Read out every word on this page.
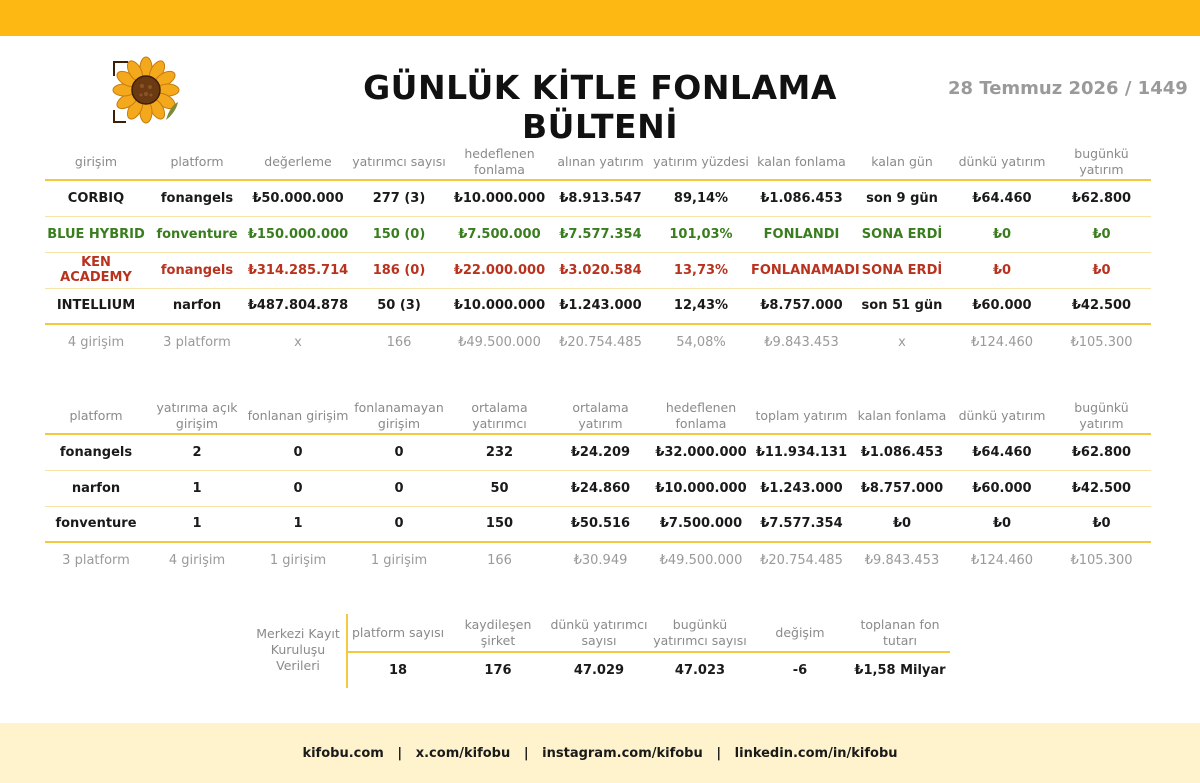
GÜNLÜK KİTLE FONLAMA BÜLTENİ
28 Temmuz 2026 / 1449
girişim	platform	değerleme	yatırımcı sayısı	hedeflenen fonlama	alınan yatırım	yatırım yüzdesi	kalan fonlama	kalan gün	dünkü yatırım	bugünkü yatırım
CORBIQ	fonangels	₺50.000.000	277 (3)	₺10.000.000	₺8.913.547	89,14%	₺1.086.453	son 9 gün	₺64.460	₺62.800
BLUE HYBRID	fonventure	₺150.000.000	150 (0)	₺7.500.000	₺7.577.354	101,03%	FONLANDI	SONA ERDİ	₺0	₺0
KEN ACADEMY	fonangels	₺314.285.714	186 (0)	₺22.000.000	₺3.020.584	13,73%	FONLANAMADI	SONA ERDİ	₺0	₺0
INTELLIUM	narfon	₺487.804.878	50 (3)	₺10.000.000	₺1.243.000	12,43%	₺8.757.000	son 51 gün	₺60.000	₺42.500
4 girişim	3 platform	x	166	₺49.500.000	₺20.754.485	54,08%	₺9.843.453	x	₺124.460	₺105.300
platform	yatırıma açık girişim	fonlanan girişim	fonlanamayan girişim	ortalama yatırımcı	ortalama yatırım	hedeflenen fonlama	toplam yatırım	kalan fonlama	dünkü yatırım	bugünkü yatırım
fonangels	2	0	0	232	₺24.209	₺32.000.000	₺11.934.131	₺1.086.453	₺64.460	₺62.800
narfon	1	0	0	50	₺24.860	₺10.000.000	₺1.243.000	₺8.757.000	₺60.000	₺42.500
fonventure	1	1	0	150	₺50.516	₺7.500.000	₺7.577.354	₺0	₺0	₺0
3 platform	4 girişim	1 girişim	1 girişim	166	₺30.949	₺49.500.000	₺20.754.485	₺9.843.453	₺124.460	₺105.300
Merkezi Kayıt Kuruluşu Verileri
platform sayısı	kaydileşen şirket	dünkü yatırımcı sayısı	bugünkü yatırımcı sayısı	değişim	toplanan fon tutarı
18	176	47.029	47.023	-6	₺1,58 Milyar
kifobu.com
|
x.com/kifobu
|
instagram.com/kifobu
|
linkedin.com/in/kifobu
